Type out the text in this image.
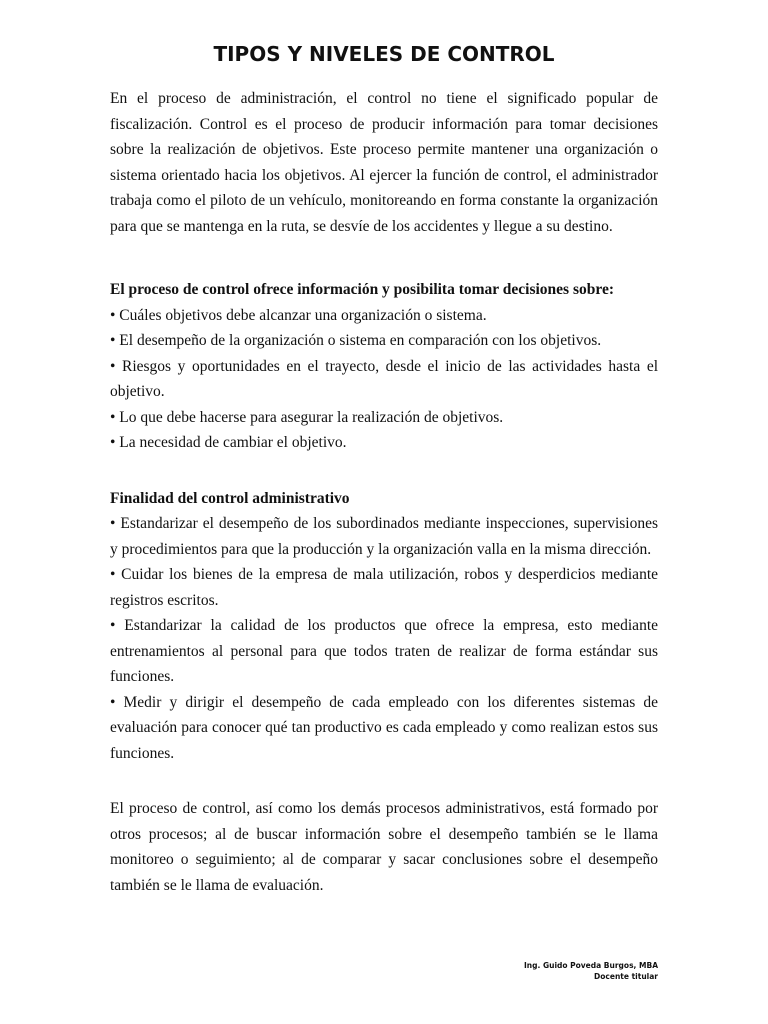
TIPOS Y NIVELES DE CONTROL

En el proceso de administración, el control no tiene el significado popular de fiscalización. Control es el proceso de producir información para tomar decisiones sobre la realización de objetivos. Este proceso permite mantener una organización o sistema orientado hacia los objetivos. Al ejercer la función de control, el administrador trabaja como el piloto de un vehículo, monitoreando en forma constante la organización para que se mantenga en la ruta, se desvíe de los accidentes y llegue a su destino.

El proceso de control ofrece información y posibilita tomar decisiones sobre:

• Cuáles objetivos debe alcanzar una organización o sistema.
• El desempeño de la organización o sistema en comparación con los objetivos.
• Riesgos y oportunidades en el trayecto, desde el inicio de las actividades hasta el objetivo.
• Lo que debe hacerse para asegurar la realización de objetivos.
• La necesidad de cambiar el objetivo.

Finalidad del control administrativo

• Estandarizar el desempeño de los subordinados mediante inspecciones, supervisiones y procedimientos para que la producción y la organización valla en la misma dirección.
• Cuidar los bienes de la empresa de mala utilización, robos y desperdicios mediante registros escritos.
• Estandarizar la calidad de los productos que ofrece la empresa, esto mediante entrenamientos al personal para que todos traten de realizar de forma estándar sus funciones.
• Medir y dirigir el desempeño de cada empleado con los diferentes sistemas de evaluación para conocer qué tan productivo es cada empleado y como realizan estos sus funciones.

El proceso de control, así como los demás procesos administrativos, está formado por otros procesos; al de buscar información sobre el desempeño también se le llama monitoreo o seguimiento; al de comparar y sacar conclusiones sobre el desempeño también se le llama de evaluación.

Ing. Guido Poveda Burgos, MBA
Docente titular
